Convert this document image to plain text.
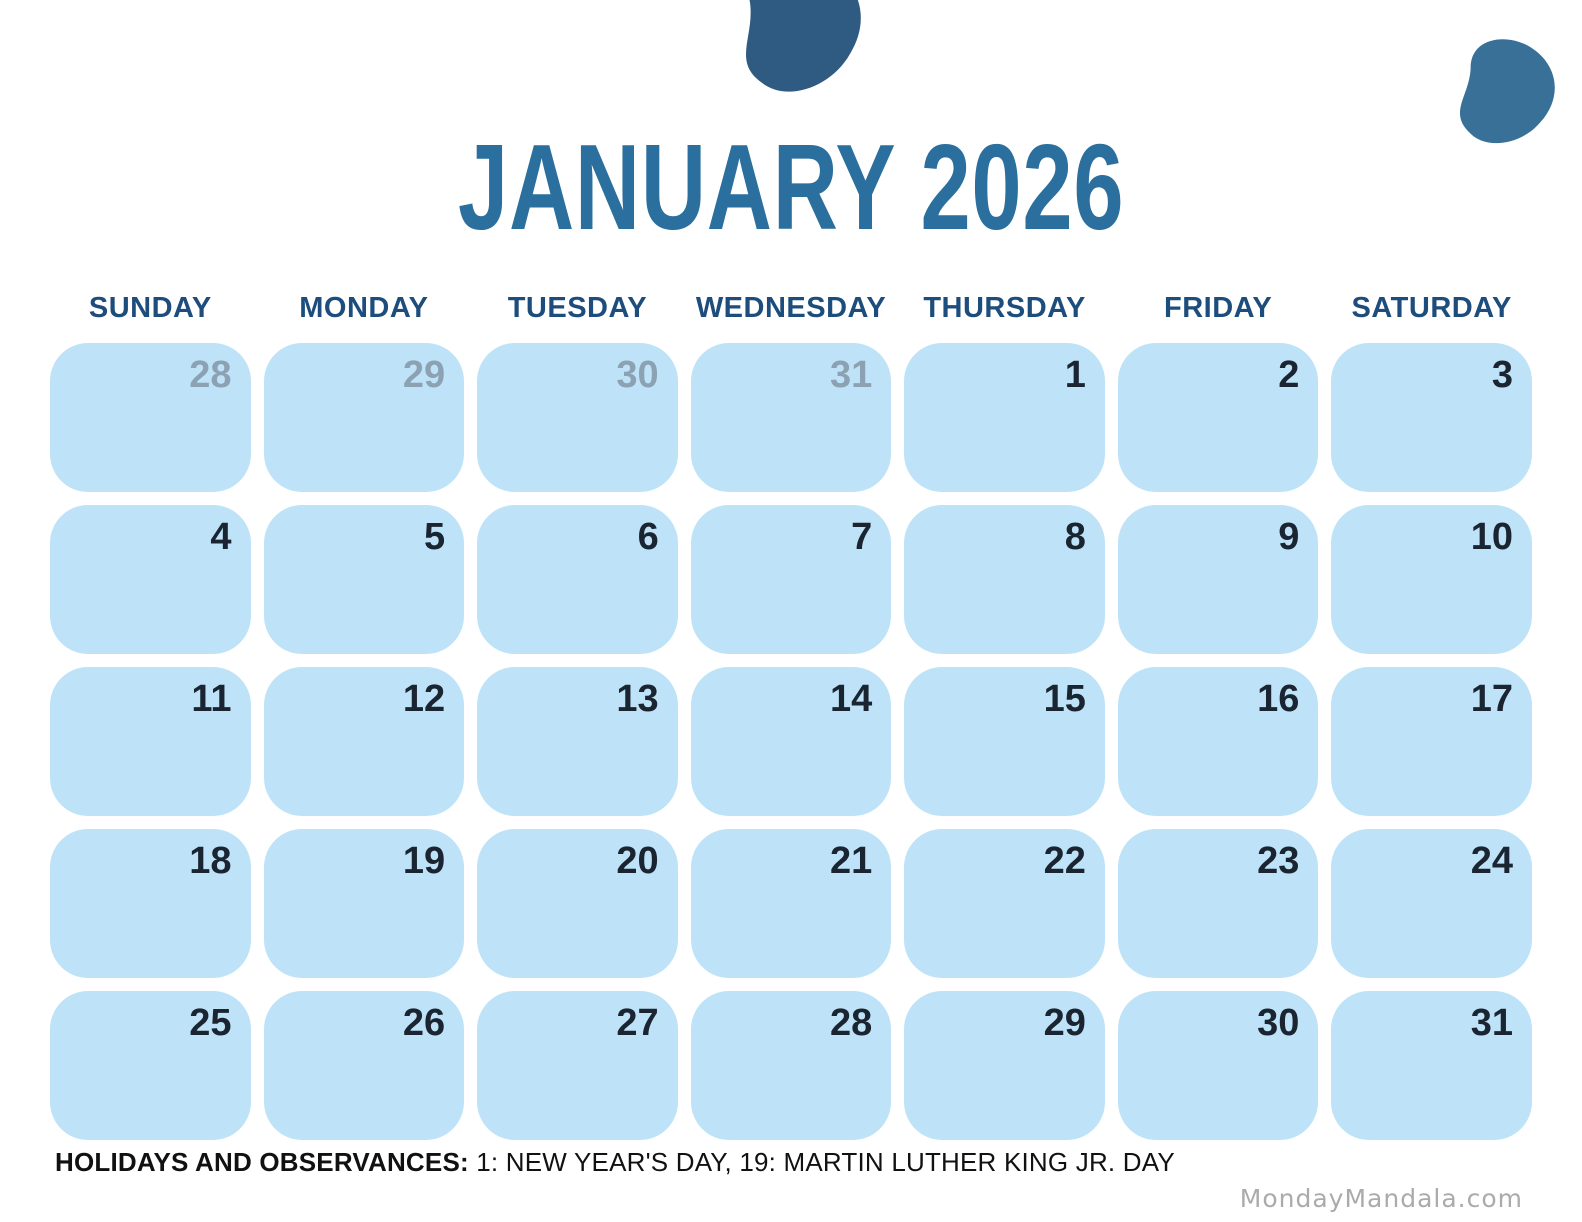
JANUARY 2026
SUNDAY	MONDAY	TUESDAY	WEDNESDAY	THURSDAY	FRIDAY	SATURDAY
28	29	30	31	1	2	3
4	5	6	7	8	9	10
11	12	13	14	15	16	17
18	19	20	21	22	23	24
25	26	27	28	29	30	31
HOLIDAYS AND OBSERVANCES: 1: NEW YEAR'S DAY, 19: MARTIN LUTHER KING JR. DAY
MondayMandala.com
